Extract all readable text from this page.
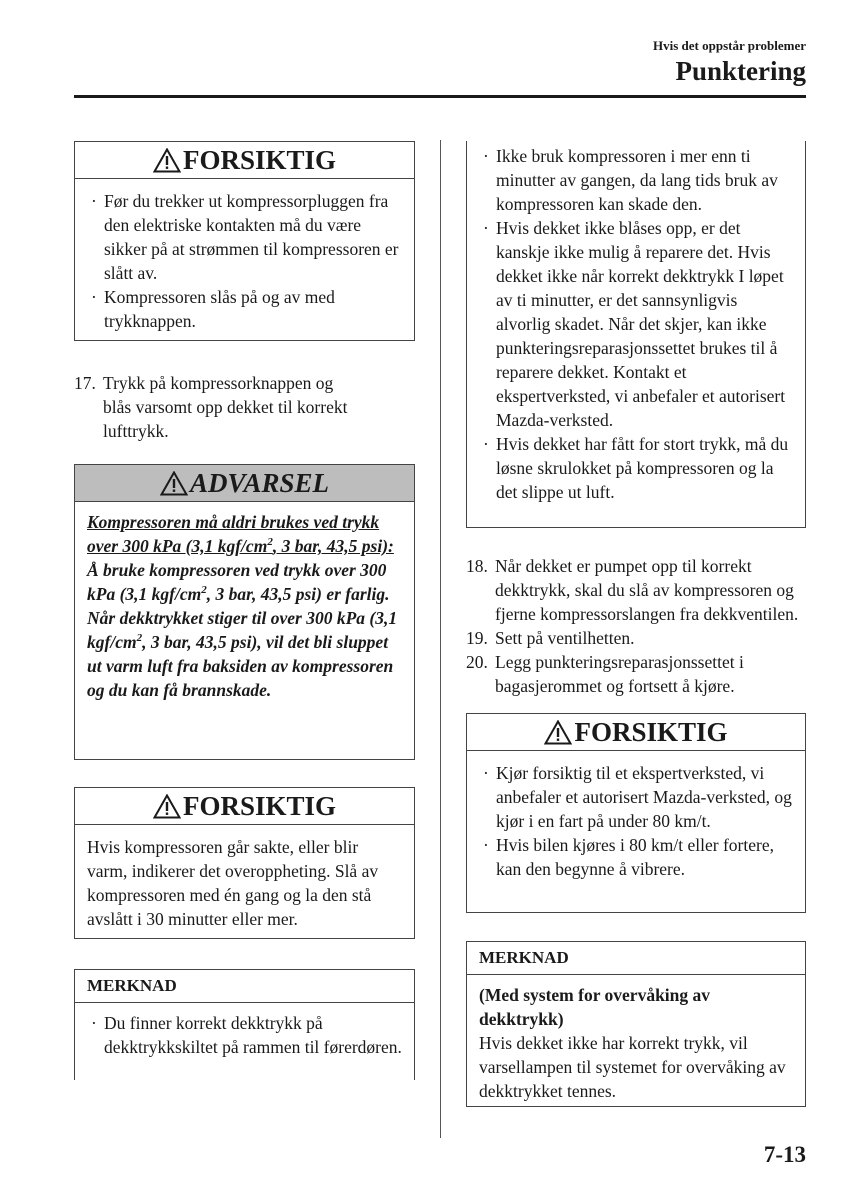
Hvis det oppstår problemer
Punktering
FORSIKTIG
· Før du trekker ut kompressorpluggen fra den elektriske kontakten må du være sikker på at strømmen til kompressoren er slått av.
· Kompressoren slås på og av med trykknappen.
17. Trykk på kompressorknappen og blås varsomt opp dekket til korrekt lufttrykk.
ADVARSEL
Kompressoren må aldri brukes ved trykk over 300 kPa (3,1 kgf/$cm^2$, 3 bar, 43,5 psi):
Å bruke kompressoren ved trykk over 300 kPa (3,1 kgf/$cm^2$, 3 bar, 43,5 psi) er farlig. Når dekktrykket stiger til over 300 kPa (3,1 kgf/$cm^2$, 3 bar, 43,5 psi), vil det bli sluppet ut varm luft fra baksiden av kompressoren og du kan få brannskade.
FORSIKTIG
Hvis kompressoren går sakte, eller blir varm, indikerer det overoppheting. Slå av kompressoren med én gang og la den stå avslått i 30 minutter eller mer.
MERKNAD
· Du finner korrekt dekktrykk på dekktrykkskiltet på rammen til førerdøren.
· Ikke bruk kompressoren i mer enn ti minutter av gangen, da lang tids bruk av kompressoren kan skade den.
· Hvis dekket ikke blåses opp, er det kanskje ikke mulig å reparere det. Hvis dekket ikke når korrekt dekktrykk I løpet av ti minutter, er det sannsynligvis alvorlig skadet. Når det skjer, kan ikke punkteringsreparasjonssettet brukes til å reparere dekket. Kontakt et ekspertverksted, vi anbefaler et autorisert Mazda-verksted.
· Hvis dekket har fått for stort trykk, må du løsne skrulokket på kompressoren og la det slippe ut luft.
18. Når dekket er pumpet opp til korrekt dekktrykk, skal du slå av kompressoren og fjerne kompressorslangen fra dekkventilen.
19. Sett på ventilhetten.
20. Legg punkteringsreparasjonssettet i bagasjerommet og fortsett å kjøre.
FORSIKTIG
· Kjør forsiktig til et ekspertverksted, vi anbefaler et autorisert Mazda-verksted, og kjør i en fart på under 80 km/t.
· Hvis bilen kjøres i 80 km/t eller fortere, kan den begynne å vibrere.
MERKNAD
(Med system for overvåking av dekktrykk)
Hvis dekket ikke har korrekt trykk, vil varsellampen til systemet for overvåking av dekktrykket tennes.
7-13
